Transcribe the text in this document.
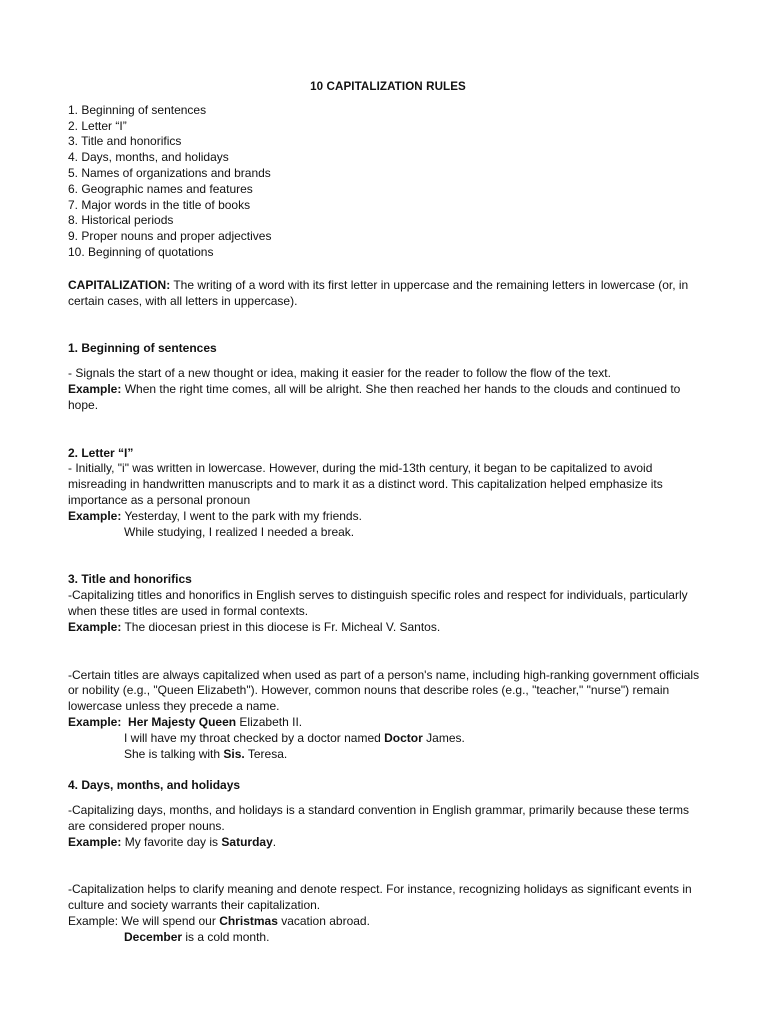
10 CAPITALIZATION RULES
1. Beginning of sentences
2. Letter “I”
3. Title and honorifics
4. Days, months, and holidays
5. Names of organizations and brands
6. Geographic names and features
7. Major words in the title of books
8. Historical periods
9. Proper nouns and proper adjectives
10. Beginning of quotations

CAPITALIZATION: The writing of a word with its first letter in uppercase and the remaining letters in lowercase (or, in certain cases, with all letters in uppercase).

1. Beginning of sentences

- Signals the start of a new thought or idea, making it easier for the reader to follow the flow of the text.

Example: When the right time comes, all will be alright. She then reached her hands to the clouds and continued to hope.

2. Letter “I”

- Initially, "i" was written in lowercase. However, during the mid-13th century, it began to be capitalized to avoid misreading in handwritten manuscripts and to mark it as a distinct word. This capitalization helped emphasize its importance as a personal pronoun

Example: Yesterday, I went to the park with my friends.

While studying, I realized I needed a break.

3. Title and honorifics

-Capitalizing titles and honorifics in English serves to distinguish specific roles and respect for individuals, particularly when these titles are used in formal contexts.

Example: The diocesan priest in this diocese is Fr. Micheal V. Santos.

-Certain titles are always capitalized when used as part of a person's name, including high-ranking government officials or nobility (e.g., "Queen Elizabeth"). However, common nouns that describe roles (e.g., "teacher," "nurse") remain lowercase unless they precede a name.

Example: Her Majesty Queen Elizabeth II.

I will have my throat checked by a doctor named Doctor James.

She is talking with Sis. Teresa.

4. Days, months, and holidays

-Capitalizing days, months, and holidays is a standard convention in English grammar, primarily because these terms are considered proper nouns.

Example: My favorite day is Saturday.

-Capitalization helps to clarify meaning and denote respect. For instance, recognizing holidays as significant events in culture and society warrants their capitalization.

Example: We will spend our Christmas vacation abroad.

December is a cold month.
